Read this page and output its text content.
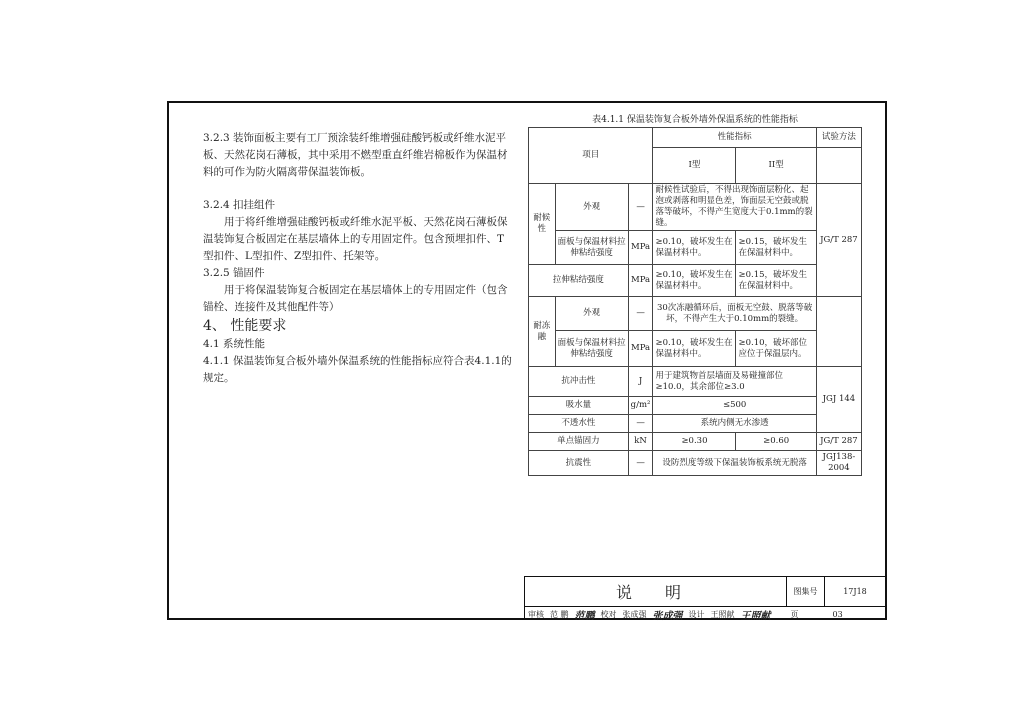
3.2.3 装饰面板主要有工厂预涂装纤维增强硅酸钙板或纤维水泥平板、天然花岗石薄板，其中采用不燃型重直纤维岩棉板作为保温材料的可作为防火隔离带保温装饰板。

3.2.4 扣挂组件

用于将纤维增强硅酸钙板或纤维水泥平板、天然花岗石薄板保温装饰复合板固定在基层墙体上的专用固定件。包含预埋扣件、T型扣件、L型扣件、Z型扣件、托架等。

3.2.5 锚固件

用于将保温装饰复合板固定在基层墙体上的专用固定件（包含锚栓、连接件及其他配件等）

4、 性能要求

4.1 系统性能

4.1.1 保温装饰复合板外墙外保温系统的性能指标应符合表4.1.1的规定。

表4.1.1 保温装饰复合板外墙外保温系统的性能指标
项目			性能指标		试验方法
			I型	II型	
耐候性	外观	—	耐候性试验后，不得出现饰面层粉化、起泡或剥落和明显色差，饰面层无空鼓或脱落等破坏，不得产生宽度大于0.1mm的裂缝。		JG/T 287
	面板与保温材料拉伸粘结强度	MPa	≥0.10，破坏发生在保温材料中。	≥0.15，破坏发生在保温材料中。	
拉伸粘结强度		MPa	≥0.10，破坏发生在保温材料中。	≥0.15，破坏发生在保温材料中。	
耐冻融	外观	—	30次冻融循环后，面板无空鼓、脱落等破坏，不得产生大于0.10mm的裂缝。		
	面板与保温材料拉伸粘结强度	MPa	≥0.10，破坏发生在保温材料中。	≥0.10，破坏部位应位于保温层内。	
抗冲击性		J	用于建筑物首层墙面及易碰撞部位≥10.0，其余部位≥3.0		JGJ 144
吸水量		g/m²	≤500		
不透水性		—	系统内侧无水渗透		
单点锚固力		kN	≥0.30	≥0.60	JG/T 287
抗震性		—	设防烈度等级下保温装饰板系统无脱落		JGJ138-2004
说 明	图集号	17J18
审核 范 鹏 范鹏 校对 张成强 张成强 设计 王照献 王照献	页	03
